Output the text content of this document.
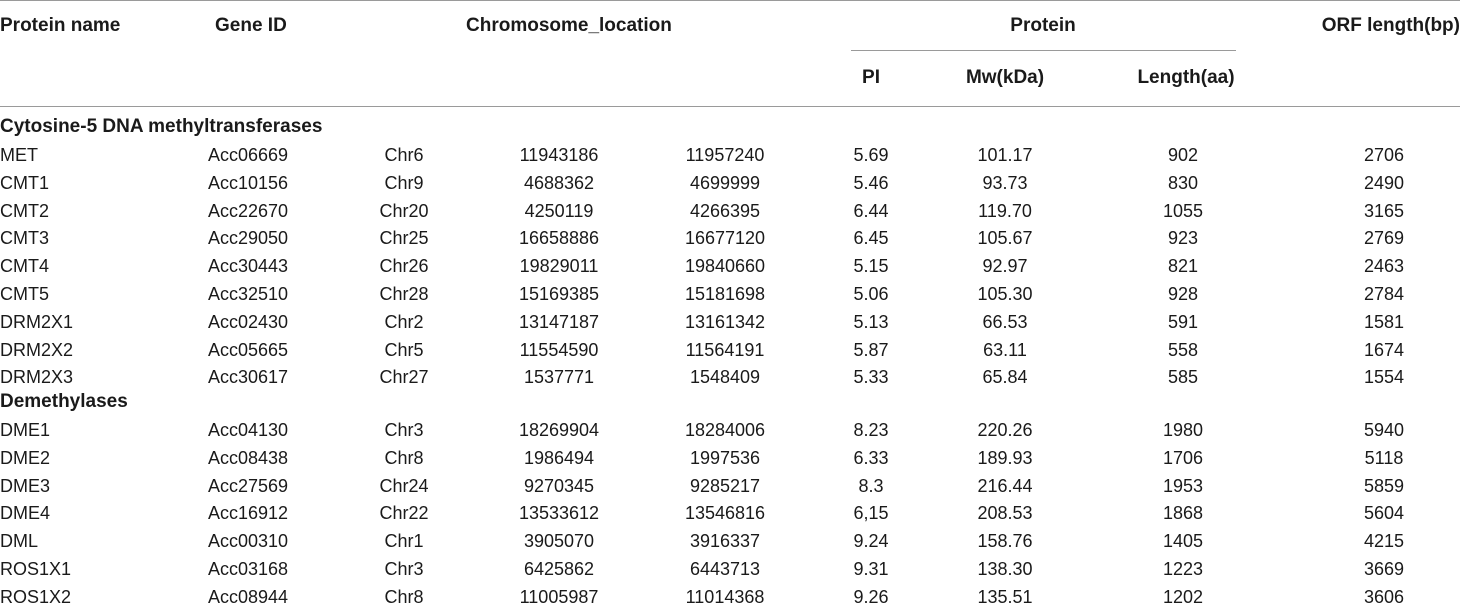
Protein name	Gene ID	Chromosome_location	Protein	ORF length(bp)
PI	Mw(kDa)	Length(aa)
Cytosine-5 DNA methyltransferases
MET	Acc06669	Chr6	11943186	11957240	5.69	101.17	902	2706
CMT1	Acc10156	Chr9	4688362	4699999	5.46	93.73	830	2490
CMT2	Acc22670	Chr20	4250119	4266395	6.44	119.70	1055	3165
CMT3	Acc29050	Chr25	16658886	16677120	6.45	105.67	923	2769
CMT4	Acc30443	Chr26	19829011	19840660	5.15	92.97	821	2463
CMT5	Acc32510	Chr28	15169385	15181698	5.06	105.30	928	2784
DRM2X1	Acc02430	Chr2	13147187	13161342	5.13	66.53	591	1581
DRM2X2	Acc05665	Chr5	11554590	11564191	5.87	63.11	558	1674
DRM2X3	Acc30617	Chr27	1537771	1548409	5.33	65.84	585	1554
Demethylases
DME1	Acc04130	Chr3	18269904	18284006	8.23	220.26	1980	5940
DME2	Acc08438	Chr8	1986494	1997536	6.33	189.93	1706	5118
DME3	Acc27569	Chr24	9270345	9285217	8.3	216.44	1953	5859
DME4	Acc16912	Chr22	13533612	13546816	6,15	208.53	1868	5604
DML	Acc00310	Chr1	3905070	3916337	9.24	158.76	1405	4215
ROS1X1	Acc03168	Chr3	6425862	6443713	9.31	138.30	1223	3669
ROS1X2	Acc08944	Chr8	11005987	11014368	9.26	135.51	1202	3606
